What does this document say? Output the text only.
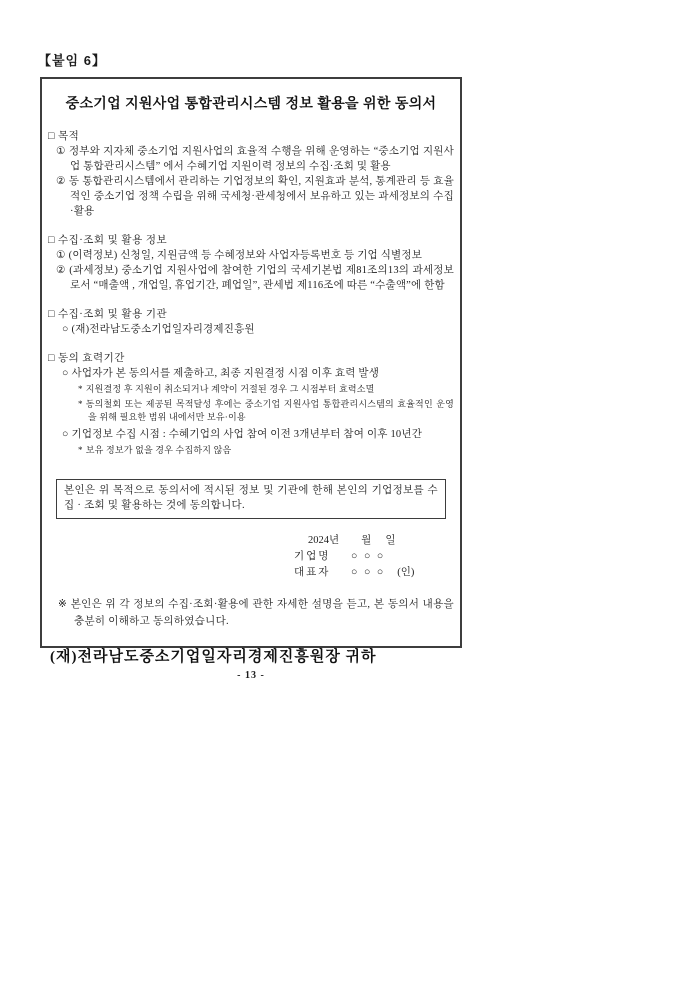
【붙임 6】
중소기업 지원사업 통합관리시스템 정보 활용을 위한 동의서
□ 목적
① 정부와 지자체 중소기업 지원사업의 효율적 수행을 위해 운영하는 “중소기업 지원사업 통합관리시스템” 에서 수혜기업 지원이력 정보의 수집·조회 및 활용
② 동 통합관리시스템에서 관리하는 기업정보의 확인, 지원효과 분석, 통계관리 등 효율적인 중소기업 정책 수립을 위해 국세청·관세청에서 보유하고 있는 과세정보의 수집·활용
□ 수집·조회 및 활용 정보
① (이력정보) 신청일, 지원금액 등 수혜정보와 사업자등록번호 등 기업 식별정보
② (과세정보) 중소기업 지원사업에 참여한 기업의 국세기본법 제81조의13의 과세정보로서 “매출액 , 개업일, 휴업기간, 폐업일”, 관세법 제116조에 따른 “수출액”에 한함
□ 수집·조회 및 활용 기관
○ (재)전라남도중소기업일자리경제진흥원
□ 동의 효력기간
○ 사업자가 본 동의서를 제출하고, 최종 지원결정 시점 이후 효력 발생
* 지원결정 후 지원이 취소되거나 계약이 거절된 경우 그 시점부터 효력소멸
* 동의철회 또는 제공된 목적달성 후에는 중소기업 지원사업 통합관리시스템의 효율적인 운영을 위해 필요한 범위 내에서만 보유·이용
○ 기업정보 수집 시점 : 수혜기업의 사업 참여 이전 3개년부터 참여 이후 10년간
* 보유 정보가 없을 경우 수집하지 않음
본인은 위 목적으로 동의서에 적시된 정보 및 기관에 한해 본인의 기업정보를 수집 · 조회 및 활용하는 것에 동의합니다.
2024년 월 일
기업명	○ ○ ○
대표자	○ ○ ○ (인)
※ 본인은 위 각 정보의 수집·조회·활용에 관한 자세한 설명을 듣고, 본 동의서 내용을 충분히 이해하고 동의하였습니다.
(재)전라남도중소기업일자리경제진흥원장 귀하
- 13 -
